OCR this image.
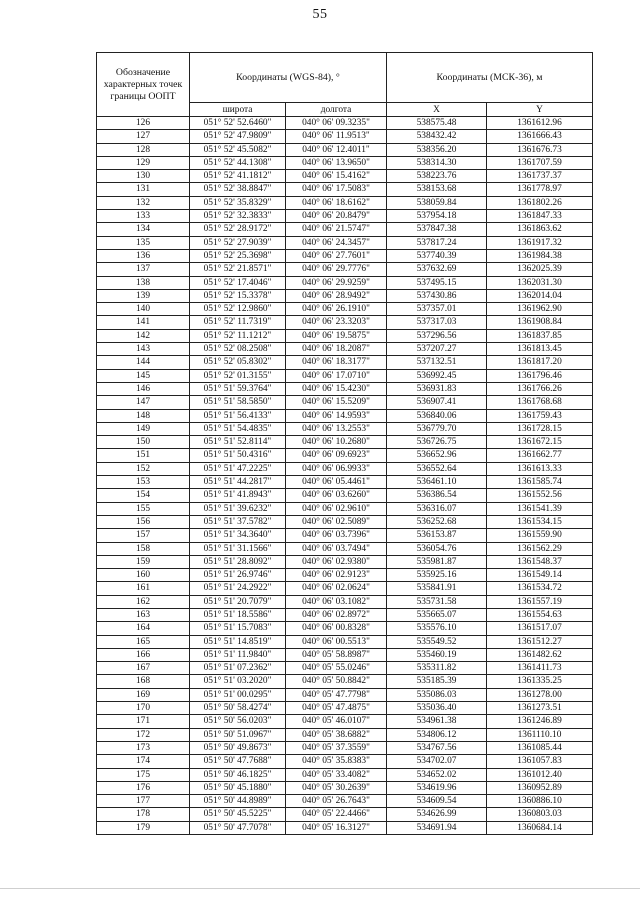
55
Обозначение характерных точек границы ООПТ	Координаты (WGS-84), °		Координаты (МСК-36), м	
	широта	долгота	X	Y
126	051° 52' 52.6460"	040° 06' 09.3235"	538575.48	1361612.96
127	051° 52' 47.9809"	040° 06' 11.9513"	538432.42	1361666.43
128	051° 52' 45.5082"	040° 06' 12.4011"	538356.20	1361676.73
129	051° 52' 44.1308"	040° 06' 13.9650"	538314.30	1361707.59
130	051° 52' 41.1812"	040° 06' 15.4162"	538223.76	1361737.37
131	051° 52' 38.8847"	040° 06' 17.5083"	538153.68	1361778.97
132	051° 52' 35.8329"	040° 06' 18.6162"	538059.84	1361802.26
133	051° 52' 32.3833"	040° 06' 20.8479"	537954.18	1361847.33
134	051° 52' 28.9172"	040° 06' 21.5747"	537847.38	1361863.62
135	051° 52' 27.9039"	040° 06' 24.3457"	537817.24	1361917.32
136	051° 52' 25.3698"	040° 06' 27.7601"	537740.39	1361984.38
137	051° 52' 21.8571"	040° 06' 29.7776"	537632.69	1362025.39
138	051° 52' 17.4046"	040° 06' 29.9259"	537495.15	1362031.30
139	051° 52' 15.3378"	040° 06' 28.9492"	537430.86	1362014.04
140	051° 52' 12.9860"	040° 06' 26.1910"	537357.01	1361962.90
141	051° 52' 11.7319"	040° 06' 23.3203"	537317.03	1361908.84
142	051° 52' 11.1212"	040° 06' 19.5875"	537296.56	1361837.85
143	051° 52' 08.2508"	040° 06' 18.2087"	537207.27	1361813.45
144	051° 52' 05.8302"	040° 06' 18.3177"	537132.51	1361817.20
145	051° 52' 01.3155"	040° 06' 17.0710"	536992.45	1361796.46
146	051° 51' 59.3764"	040° 06' 15.4230"	536931.83	1361766.26
147	051° 51' 58.5850"	040° 06' 15.5209"	536907.41	1361768.68
148	051° 51' 56.4133"	040° 06' 14.9593"	536840.06	1361759.43
149	051° 51' 54.4835"	040° 06' 13.2553"	536779.70	1361728.15
150	051° 51' 52.8114"	040° 06' 10.2680"	536726.75	1361672.15
151	051° 51' 50.4316"	040° 06' 09.6923"	536652.96	1361662.77
152	051° 51' 47.2225"	040° 06' 06.9933"	536552.64	1361613.33
153	051° 51' 44.2817"	040° 06' 05.4461"	536461.10	1361585.74
154	051° 51' 41.8943"	040° 06' 03.6260"	536386.54	1361552.56
155	051° 51' 39.6232"	040° 06' 02.9610"	536316.07	1361541.39
156	051° 51' 37.5782"	040° 06' 02.5089"	536252.68	1361534.15
157	051° 51' 34.3640"	040° 06' 03.7396"	536153.87	1361559.90
158	051° 51' 31.1566"	040° 06' 03.7494"	536054.76	1361562.29
159	051° 51' 28.8092"	040° 06' 02.9380"	535981.87	1361548.37
160	051° 51' 26.9746"	040° 06' 02.9123"	535925.16	1361549.14
161	051° 51' 24.2922"	040° 06' 02.0624"	535841.91	1361534.72
162	051° 51' 20.7079"	040° 06' 03.1082"	535731.58	1361557.19
163	051° 51' 18.5586"	040° 06' 02.8972"	535665.07	1361554.63
164	051° 51' 15.7083"	040° 06' 00.8328"	535576.10	1361517.07
165	051° 51' 14.8519"	040° 06' 00.5513"	535549.52	1361512.27
166	051° 51' 11.9840"	040° 05' 58.8987"	535460.19	1361482.62
167	051° 51' 07.2362"	040° 05' 55.0246"	535311.82	1361411.73
168	051° 51' 03.2020"	040° 05' 50.8842"	535185.39	1361335.25
169	051° 51' 00.0295"	040° 05' 47.7798"	535086.03	1361278.00
170	051° 50' 58.4274"	040° 05' 47.4875"	535036.40	1361273.51
171	051° 50' 56.0203"	040° 05' 46.0107"	534961.38	1361246.89
172	051° 50' 51.0967"	040° 05' 38.6882"	534806.12	1361110.10
173	051° 50' 49.8673"	040° 05' 37.3559"	534767.56	1361085.44
174	051° 50' 47.7688"	040° 05' 35.8383"	534702.07	1361057.83
175	051° 50' 46.1825"	040° 05' 33.4082"	534652.02	1361012.40
176	051° 50' 45.1880"	040° 05' 30.2639"	534619.96	1360952.89
177	051° 50' 44.8989"	040° 05' 26.7643"	534609.54	1360886.10
178	051° 50' 45.5225"	040° 05' 22.4466"	534626.99	1360803.03
179	051° 50' 47.7078"	040° 05' 16.3127"	534691.94	1360684.14
